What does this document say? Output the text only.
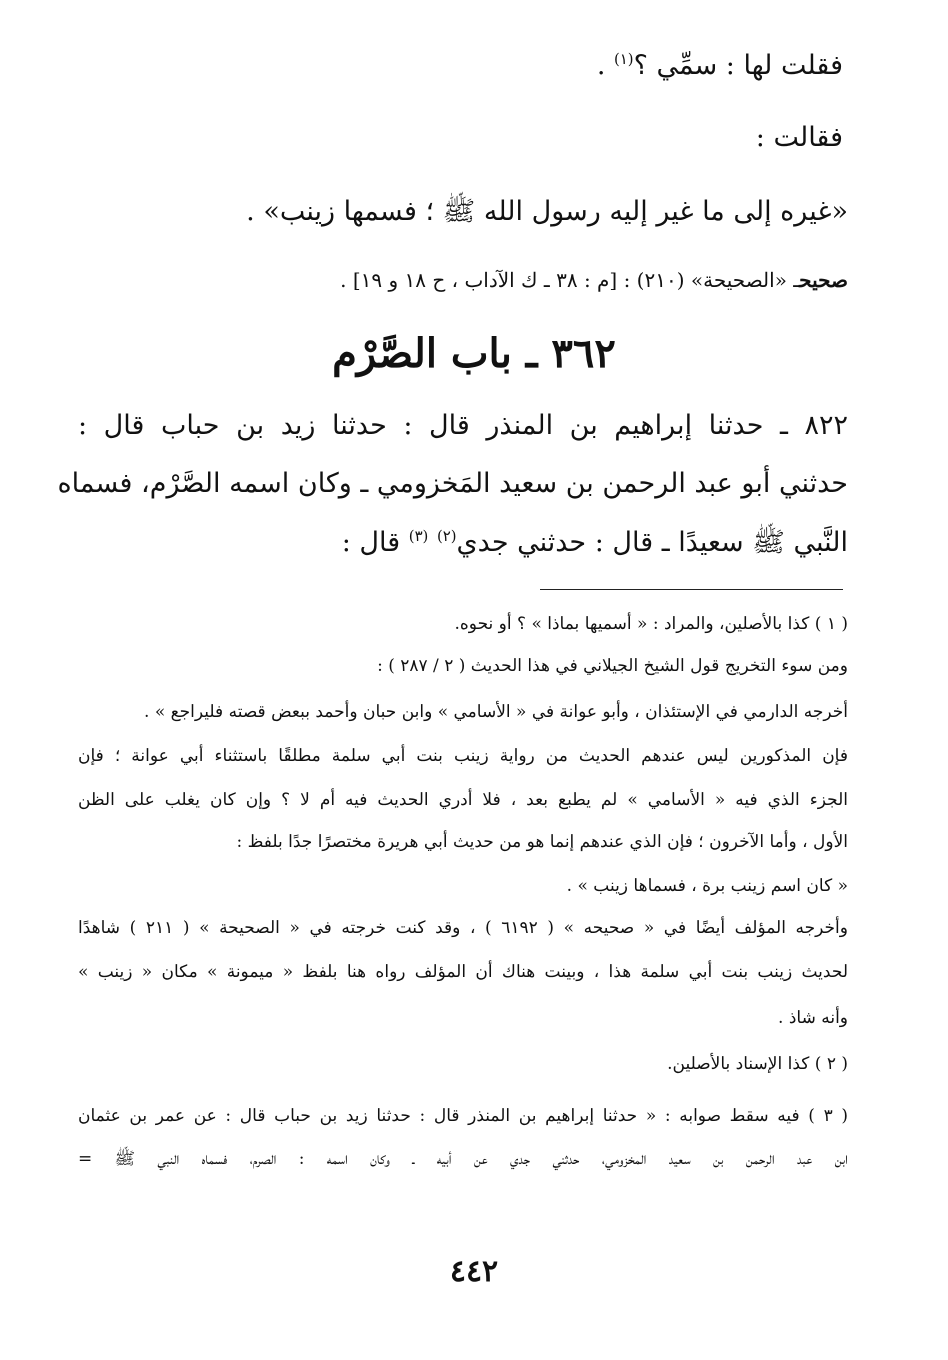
فقلت لها : سمِّي ؟$^{(١)}$ .

فقالت :

«غيره إلى ما غير إليه رسول الله ﷺ ؛ فسمها زينب» .

صحيحـ «الصحيحة» (٢١٠) : [م : ٣٨ ـ ك الآداب ، ح ١٨ و ١٩] .

٣٦٢ ـ باب الصَّرْم

٨٢٢ ـ حدثنا إبراهيم بن المنذر قال : حدثنا زيد بن حباب قال :

حدثني أبو عبد الرحمن بن سعيد المَخزومي ـ وكان اسمه الصَّرْم، فسماه

النَّبي ﷺ سعيدًا ـ قال : حدثني جدي$^{(٢)}$ $^{(٣)}$ قال :

( ١ ) كذا بالأصلين، والمراد : « أسميها بماذا » ؟ أو نحوه.

ومن سوء التخريج قول الشيخ الجيلاني في هذا الحديث ( ٢ / ٢٨٧ ) :

أخرجه الدارمي في الإستئذان ، وأبو عوانة في « الأسامي » وابن حبان وأحمد ببعض قصته فليراجع » .

فإن المذكورين ليس عندهم الحديث من رواية زينب بنت أبي سلمة مطلقًا باستثناء أبي عوانة ؛ فإن

الجزء الذي فيه « الأسامي » لم يطبع بعد ، فلا أدري الحديث فيه أم لا ؟ وإن كان يغلب على الظن

الأول ، وأما الآخرون ؛ فإن الذي عندهم إنما هو من حديث أبي هريرة مختصرًا جدًا بلفظ :

« كان اسم زينب برة ، فسماها زينب » .

وأخرجه المؤلف أيضًا في « صحيحه » ( ٦١٩٢ ) ، وقد كنت خرجته في « الصحيحة » ( ٢١١ ) شاهدًا

لحديث زينب بنت أبي سلمة هذا ، وبينت هناك أن المؤلف رواه هنا بلفظ « ميمونة » مكان « زينب »

وأنه شاذ .

( ٢ ) كذا الإسناد بالأصلين.

( ٣ ) فيه سقط صوابه : « حدثنا إبراهيم بن المنذر قال : حدثنا زيد بن حباب قال : عن عمر بن عثمان

ابن عبد الرحمن بن سعيد المخزومي، حدثني جدي عن أبيه ـ وكان اسمه : الصرم، فسماه النبي ﷺ =

٤٤٢
